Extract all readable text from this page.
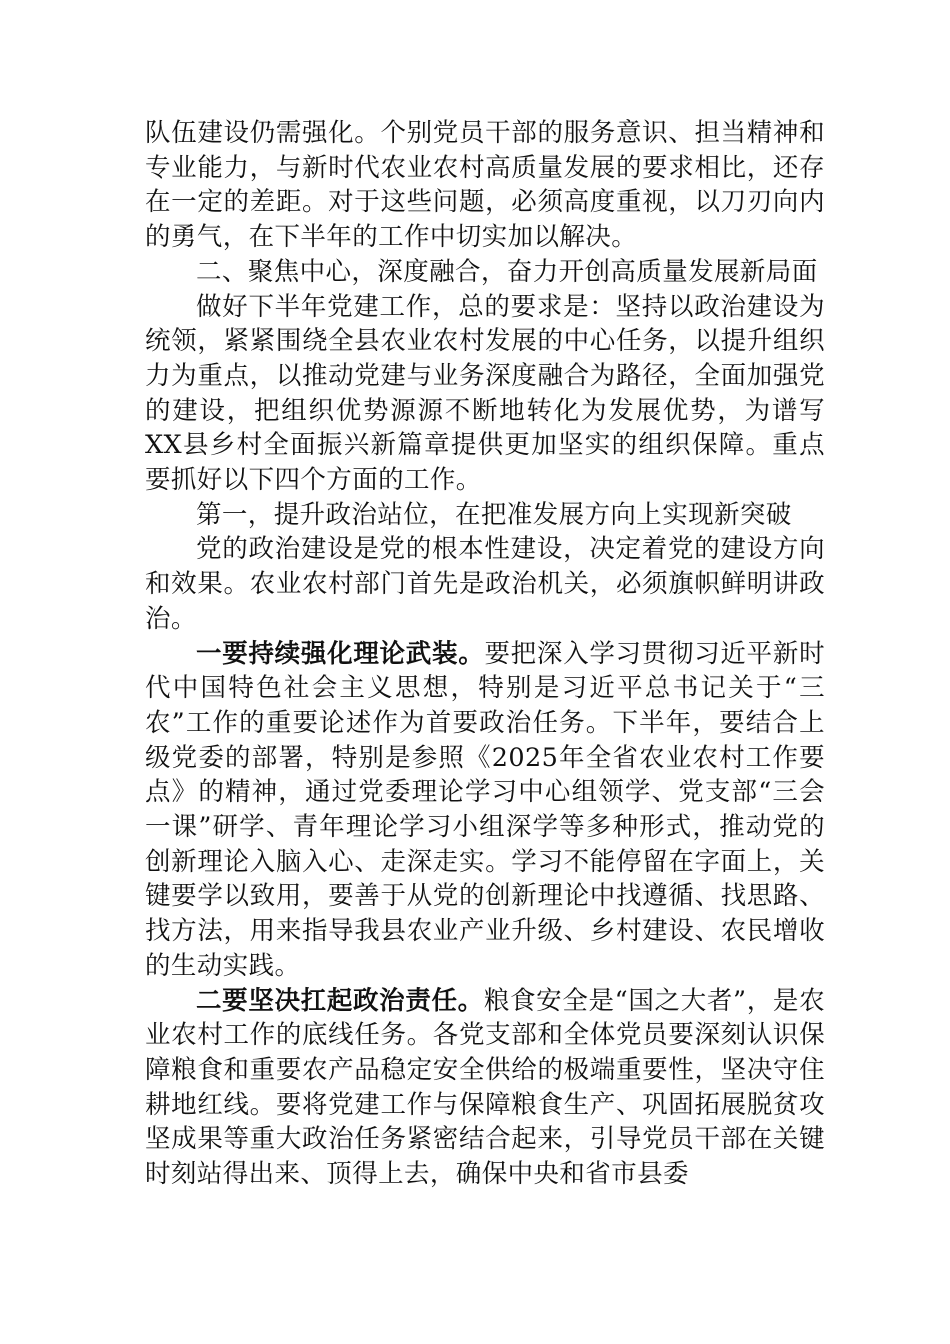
队伍建设仍需强化。个别党员干部的服务意识、担当精神和专业能力，与新时代农业农村高质量发展的要求相比，还存在一定的差距。对于这些问题，必须高度重视，以刀刃向内的勇气，在下半年的工作中切实加以解决。

二、聚焦中心，深度融合，奋力开创高质量发展新局面

做好下半年党建工作，总的要求是：坚持以政治建设为统领，紧紧围绕全县农业农村发展的中心任务，以提升组织力为重点，以推动党建与业务深度融合为路径，全面加强党的建设，把组织优势源源不断地转化为发展优势，为谱写XX县乡村全面振兴新篇章提供更加坚实的组织保障。重点要抓好以下四个方面的工作。

第一，提升政治站位，在把准发展方向上实现新突破

党的政治建设是党的根本性建设，决定着党的建设方向和效果。农业农村部门首先是政治机关，必须旗帜鲜明讲政治。

一要持续强化理论武装。要把深入学习贯彻习近平新时代中国特色社会主义思想，特别是习近平总书记关于“三农”工作的重要论述作为首要政治任务。下半年，要结合上级党委的部署，特别是参照《2025年全省农业农村工作要点》的精神，通过党委理论学习中心组领学、党支部“三会一课”研学、青年理论学习小组深学等多种形式，推动党的创新理论入脑入心、走深走实。学习不能停留在字面上，关键要学以致用，要善于从党的创新理论中找遵循、找思路、找方法，用来指导我县农业产业升级、乡村建设、农民增收的生动实践。

二要坚决扛起政治责任。粮食安全是“国之大者”，是农业农村工作的底线任务。各党支部和全体党员要深刻认识保障粮食和重要农产品稳定安全供给的极端重要性，坚决守住耕地红线。要将党建工作与保障粮食生产、巩固拓展脱贫攻坚成果等重大政治任务紧密结合起来，引导党员干部在关键时刻站得出来、顶得上去，确保中央和省市县委
